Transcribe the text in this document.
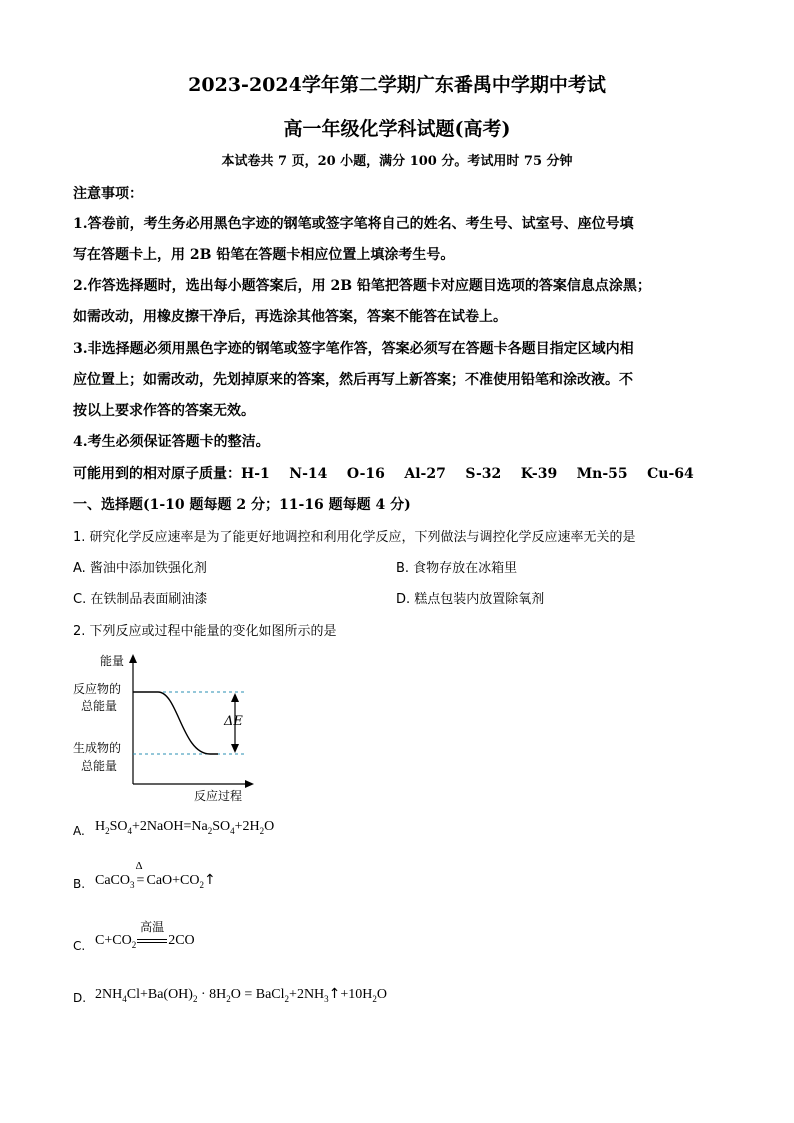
2023-2024学年第二学期广东番禺中学期中考试
高一年级化学科试题(高考)
本试卷共 7 页，20 小题，满分 100 分。考试用时 75 分钟
注意事项：
1.答卷前，考生务必用黑色字迹的钢笔或签字笔将自己的姓名、考生号、试室号、座位号填
写在答题卡上，用 2B 铅笔在答题卡相应位置上填涂考生号。
2.作答选择题时，选出每小题答案后，用 2B 铅笔把答题卡对应题目选项的答案信息点涂黑；
如需改动，用橡皮擦干净后，再选涂其他答案，答案不能答在试卷上。
3.非选择题必须用黑色字迹的钢笔或签字笔作答，答案必须写在答题卡各题目指定区域内相
应位置上；如需改动，先划掉原来的答案，然后再写上新答案；不准使用铅笔和涂改液。不
按以上要求作答的答案无效。
4.考生必须保证答题卡的整洁。
可能用到的相对原子质量：H-1    N-14    O-16    Al-27    S-32    K-39    Mn-55    Cu-64
一、选择题(1-10 题每题 2 分；11-16 题每题 4 分)
1. 研究化学反应速率是为了能更好地调控和利用化学反应，下列做法与调控化学反应速率无关的是
A. 酱油中添加铁强化剂	B. 食物存放在冰箱里
C. 在铁制品表面刷油漆	D. 糕点包装内放置除氧剂
2. 下列反应或过程中能量的变化如图所示的是
ΔE
能量
反应物的
总能量
生成物的
总能量
反应过程
A. $H_2SO_4+2NaOH=Na_2SO_4+2H_2O$
B. CaCO$_3$
Δ
= $CaO+CO_2↑$
C. $C+CO_2$
高温
2CO
D. $2NH_4Cl+Ba(OH)_2 \cdot 8H_2O$ = $BaCl_2+2NH_3↑+10H_2O$
